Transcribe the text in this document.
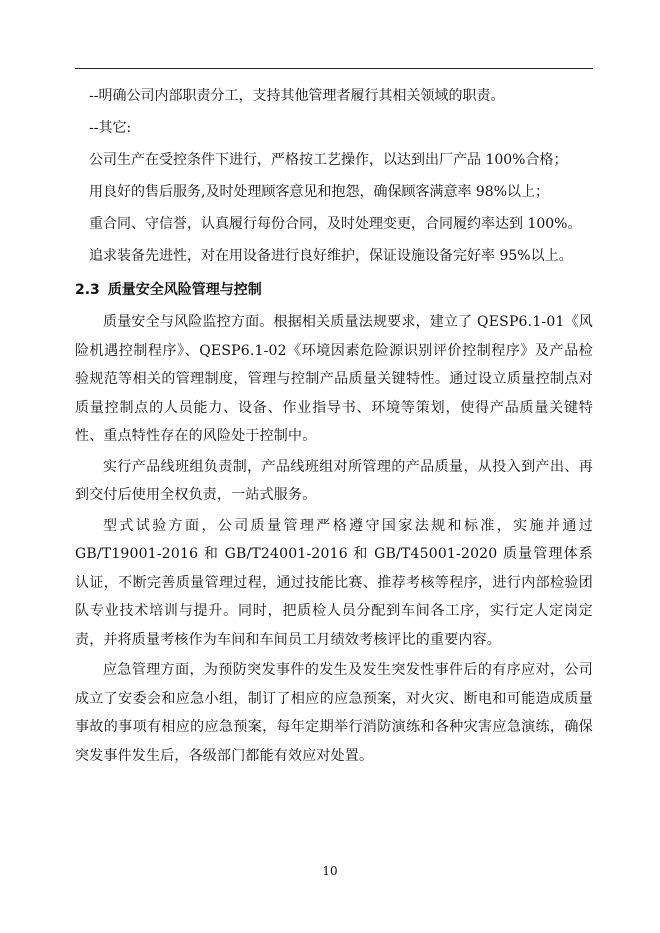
--明确公司内部职责分工，支持其他管理者履行其相关领域的职责。
--其它:
公司生产在受控条件下进行，严格按工艺操作，以达到出厂产品 100%合格；
用良好的售后服务,及时处理顾客意见和抱怨，确保顾客满意率 98%以上；
重合同、守信誉，认真履行每份合同，及时处理变更，合同履约率达到 100%。
追求装备先进性，对在用设备进行良好维护，保证设施设备完好率 95%以上。
2.3 质量安全风险管理与控制

质量安全与风险监控方面。根据相关质量法规要求，建立了 QESP6.1-01《风险机遇控制程序》、QESP6.1-02《环境因素危险源识别评价控制程序》及产品检验规范等相关的管理制度，管理与控制产品质量关键特性。通过设立质量控制点对质量控制点的人员能力、设备、作业指导书、环境等策划，使得产品质量关键特性、重点特性存在的风险处于控制中。

实行产品线班组负责制，产品线班组对所管理的产品质量，从投入到产出、再到交付后使用全权负责，一站式服务。

型式试验方面，公司质量管理严格遵守国家法规和标准，实施并通过 GB/T19001-2016 和 GB/T24001-2016 和 GB/T45001-2020 质量管理体系认证，不断完善质量管理过程，通过技能比赛、推荐考核等程序，进行内部检验团队专业技术培训与提升。同时，把质检人员分配到车间各工序，实行定人定岗定责，并将质量考核作为车间和车间员工月绩效考核评比的重要内容。

应急管理方面，为预防突发事件的发生及发生突发性事件后的有序应对，公司成立了安委会和应急小组，制订了相应的应急预案，对火灾、断电和可能造成质量事故的事项有相应的应急预案，每年定期举行消防演练和各种灾害应急演练，确保突发事件发生后，各级部门都能有效应对处置。

10
